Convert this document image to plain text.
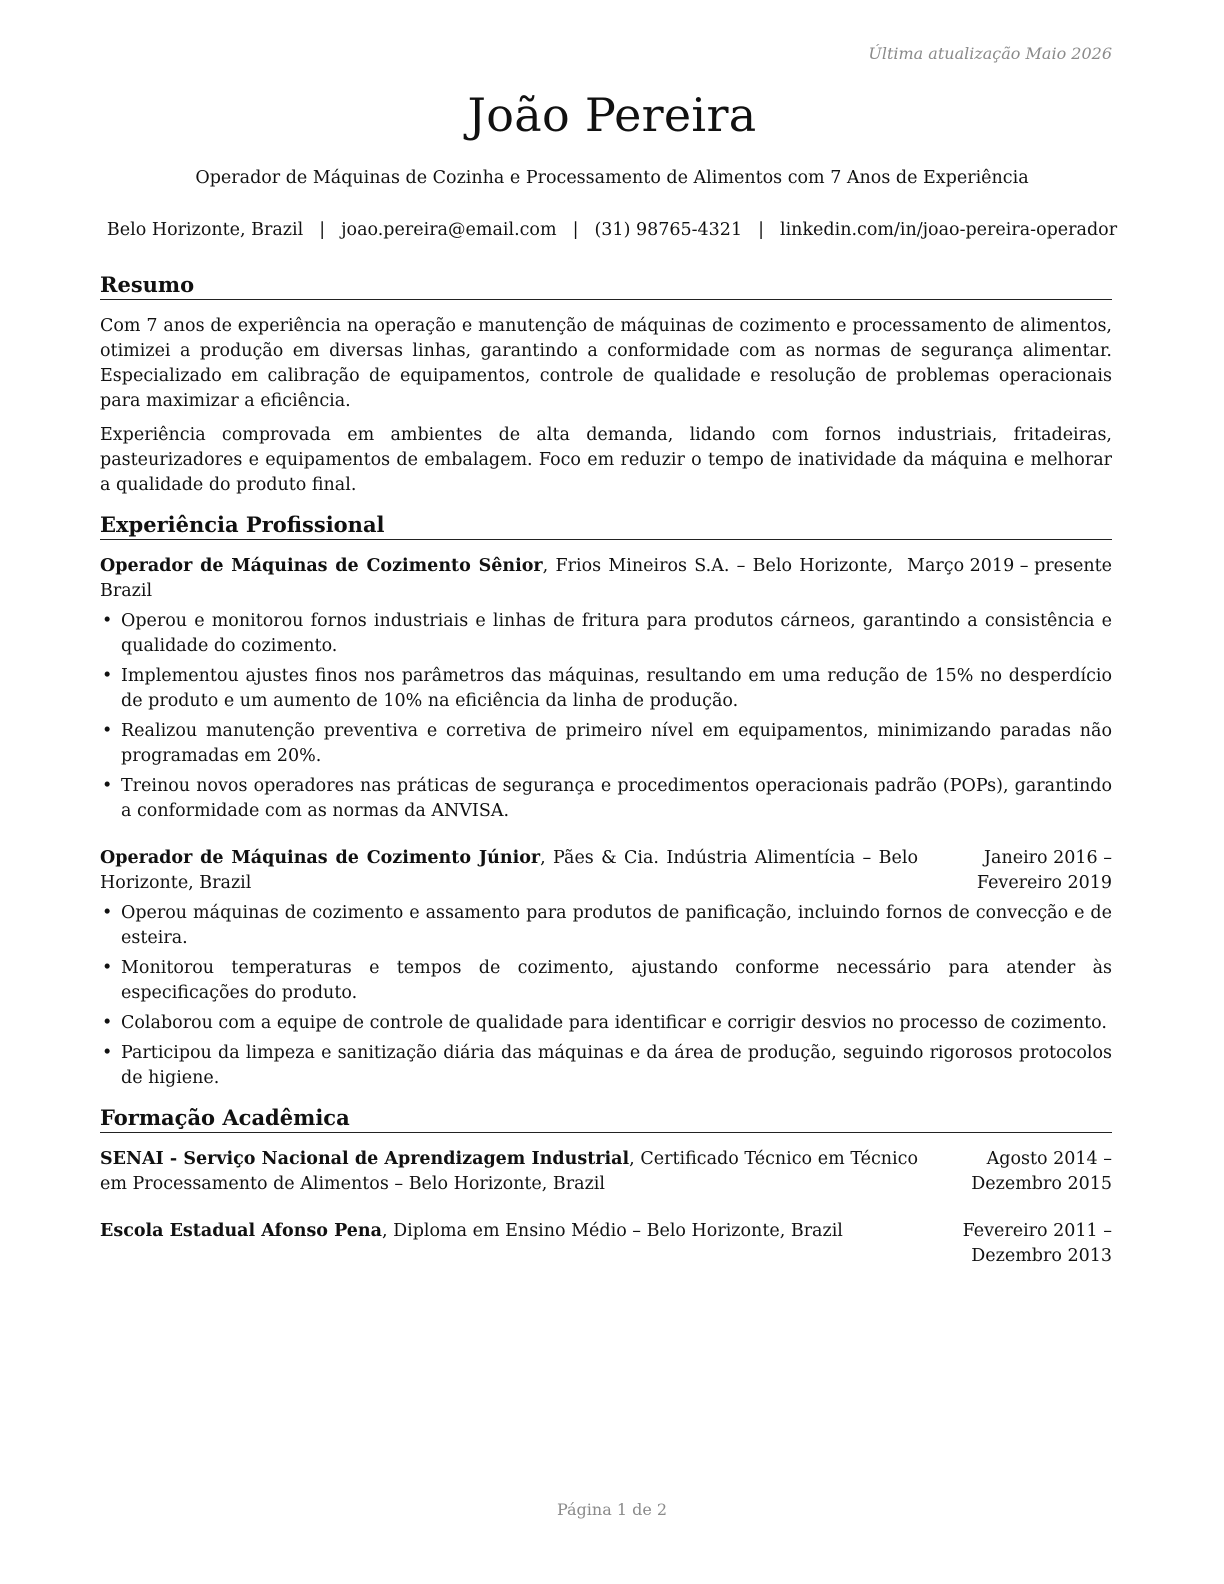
Última atualização Maio 2026
João Pereira
Operador de Máquinas de Cozinha e Processamento de Alimentos com 7 Anos de Experiência
Belo Horizonte, Brazil | joao.pereira@email.com | (31) 98765-4321 | linkedin.com/in/joao-pereira-operador
Resumo

Com 7 anos de experiência na operação e manutenção de máquinas de cozimento e processamento de alimentos, otimizei a produção em diversas linhas, garantindo a conformidade com as normas de segurança alimentar. Especializado em calibração de equipamentos, controle de qualidade e resolução de problemas operacionais para maximizar a eficiência.

Experiência comprovada em ambientes de alta demanda, lidando com fornos industriais, fritadeiras, pasteurizadores e equipamentos de embalagem. Foco em reduzir o tempo de inatividade da máquina e melhorar a qualidade do produto final.

Experiência Profissional
Operador de Máquinas de Cozimento Sênior, Frios Mineiros S.A. – Belo Horizonte, Brazil
Março 2019 – presente
• Operou e monitorou fornos industriais e linhas de fritura para produtos cárneos, garantindo a consistência e qualidade do cozimento.
• Implementou ajustes finos nos parâmetros das máquinas, resultando em uma redução de 15% no desperdício de produto e um aumento de 10% na eficiência da linha de produção.
• Realizou manutenção preventiva e corretiva de primeiro nível em equipamentos, minimizando paradas não programadas em 20%.
• Treinou novos operadores nas práticas de segurança e procedimentos operacionais padrão (POPs), garantindo a conformidade com as normas da ANVISA.
Operador de Máquinas de Cozimento Júnior, Pães & Cia. Indústria Alimentícia – Belo Horizonte, Brazil
Janeiro 2016 – Fevereiro 2019
• Operou máquinas de cozimento e assamento para produtos de panificação, incluindo fornos de convecção e de esteira.
• Monitorou temperaturas e tempos de cozimento, ajustando conforme necessário para atender às especificações do produto.
• Colaborou com a equipe de controle de qualidade para identificar e corrigir desvios no processo de cozimento.
• Participou da limpeza e sanitização diária das máquinas e da área de produção, seguindo rigorosos protocolos de higiene.
Formação Acadêmica
SENAI - Serviço Nacional de Aprendizagem Industrial, Certificado Técnico em Técnico em Processamento de Alimentos – Belo Horizonte, Brazil
Agosto 2014 – Dezembro 2015
Escola Estadual Afonso Pena, Diploma em Ensino Médio – Belo Horizonte, Brazil	Fevereiro 2011 – Dezembro 2013
Página 1 de 2
